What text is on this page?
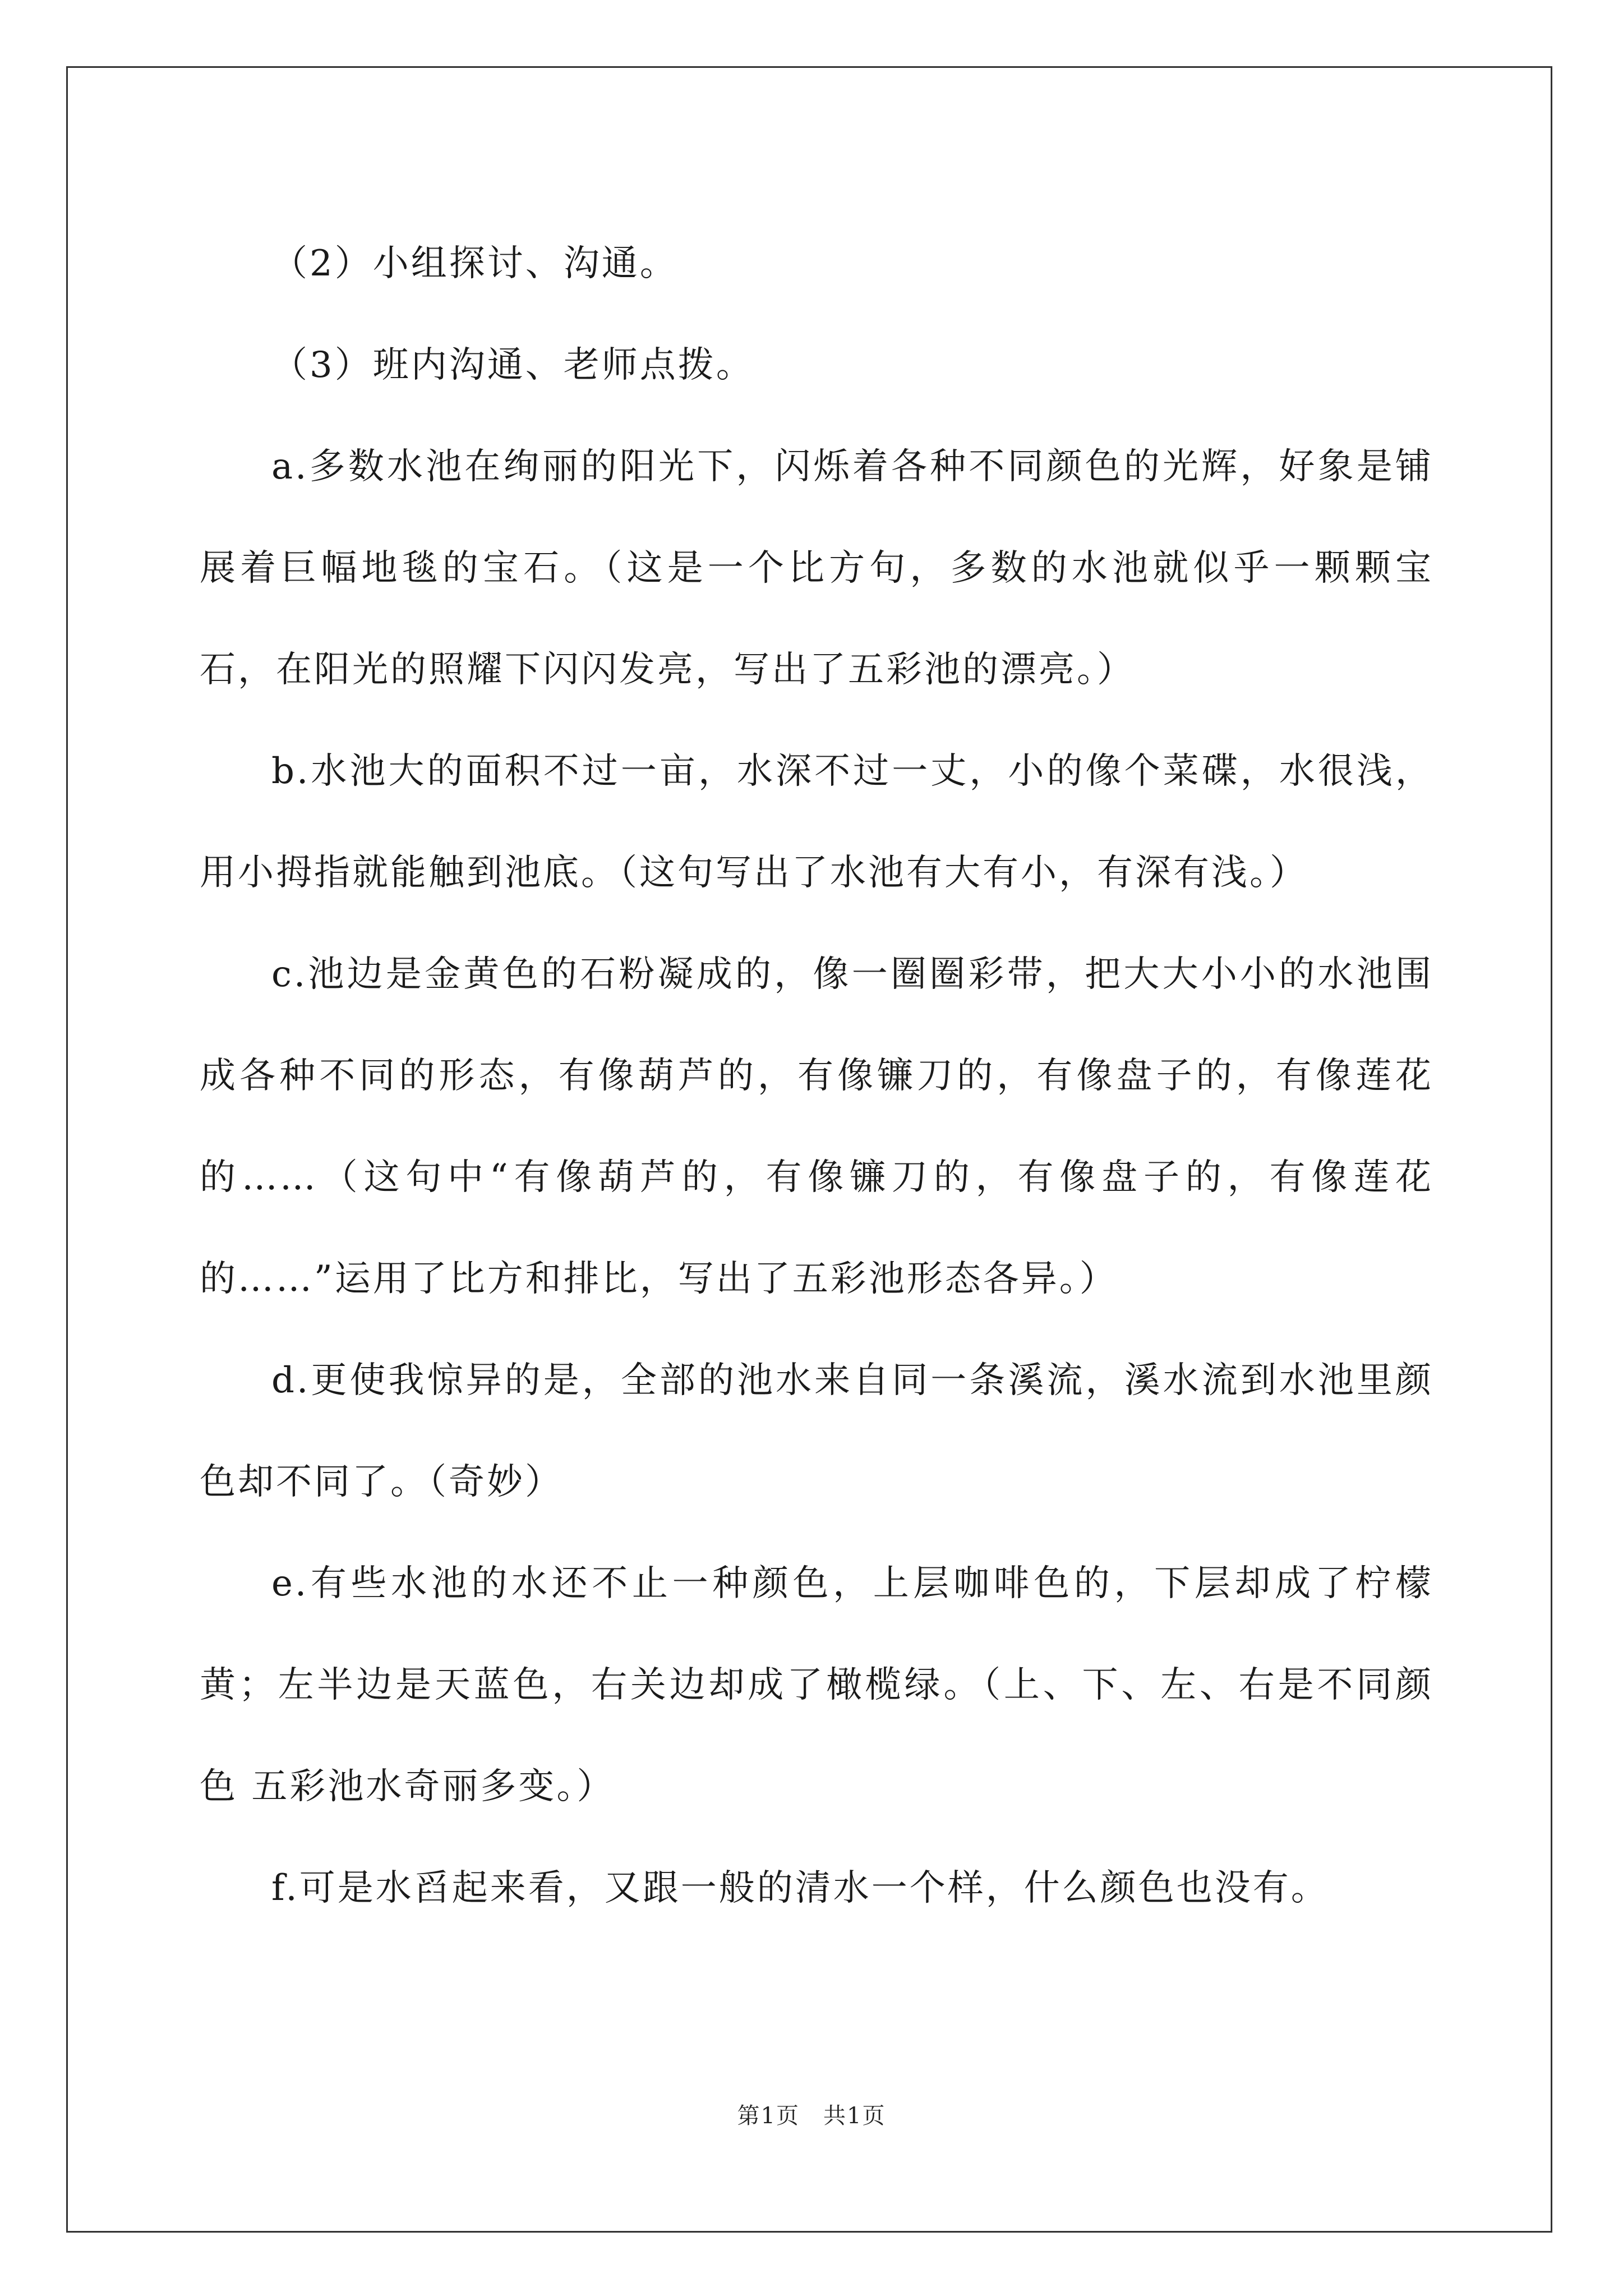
（2）小组探讨、沟通。

（3）班内沟通、老师点拨。

a.多数水池在绚丽的阳光下，闪烁着各种不同颜色的光辉，好象是铺展着巨幅地毯的宝石。（这是一个比方句，多数的水池就似乎一颗颗宝石，在阳光的照耀下闪闪发亮，写出了五彩池的漂亮。）

b.水池大的面积不过一亩，水深不过一丈，小的像个菜碟，水很浅，用小拇指就能触到池底。（这句写出了水池有大有小，有深有浅。）

c.池边是金黄色的石粉凝成的，像一圈圈彩带，把大大小小的水池围成各种不同的形态，有像葫芦的，有像镰刀的，有像盘子的，有像莲花的……（这句中“有像葫芦的，有像镰刀的，有像盘子的，有像莲花的……”运用了比方和排比，写出了五彩池形态各异。）

d.更使我惊异的是，全部的池水来自同一条溪流，溪水流到水池里颜色却不同了。（奇妙）

e.有些水池的水还不止一种颜色，上层咖啡色的，下层却成了柠檬黄；左半边是天蓝色，右关边却成了橄榄绿。（上、下、左、右是不同颜色 五彩池水奇丽多变。）

f.可是水舀起来看，又跟一般的清水一个样，什么颜色也没有。

第1页　共1页
